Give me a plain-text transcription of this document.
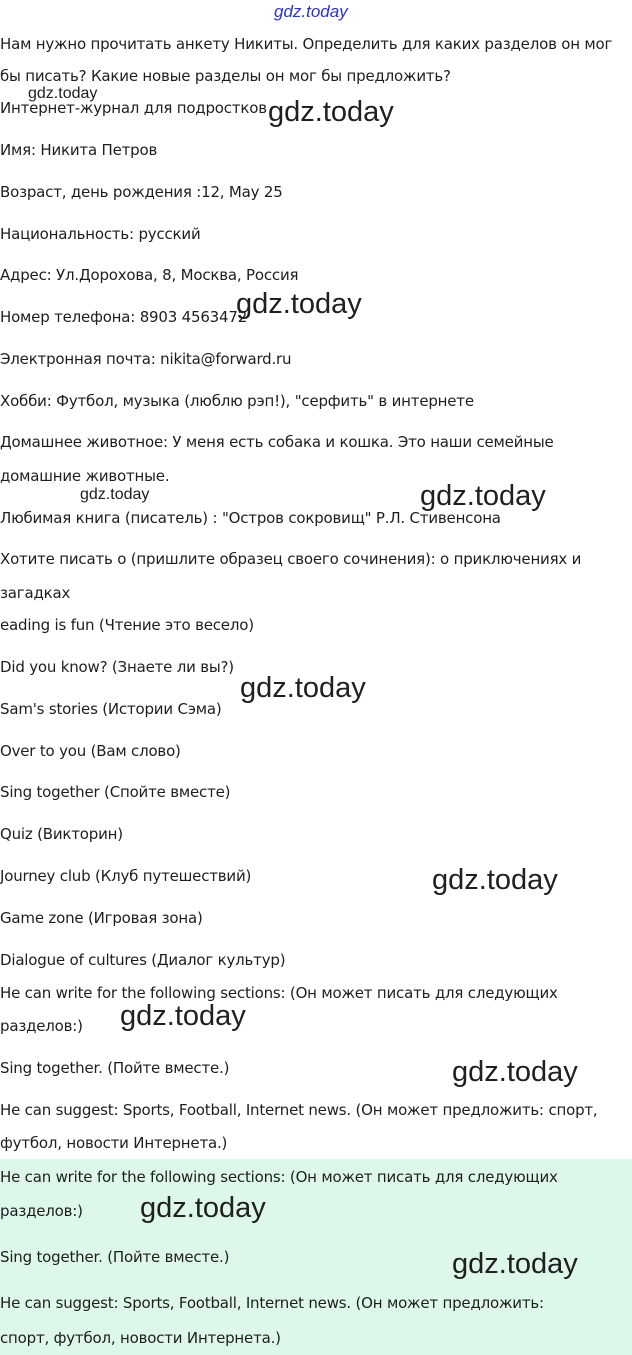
gdz.today
gdz.today
gdz.today
gdz.today
gdz.today	gdz.today
gdz.today
gdz.today
gdz.today
gdz.today
gdz.today
gdz.today
Нам нужно прочитать анкету Никиты. Определить для каких разделов он мог
бы писать? Какие новые разделы он мог бы предложить?
Интернет-журнал для подростков
Имя: Никита Петров
Возраст, день рождения :12, May 25
Национальность: русский
Адрес: Ул.Дорохова, 8, Москва, Россия
Номер телефона: 8903 4563472
Электронная почта: nikita@forward.ru
Хобби: Футбол, музыка (люблю рэп!), "серфить" в интернете
Домашнее животное: У меня есть собака и кошка. Это наши семейные
домашние животные.
Любимая книга (писатель) : "Остров сокровищ" Р.Л. Стивенсона
Хотите писать о (пришлите образец своего сочинения): о приключениях и
загадках
eading is fun (Чтение это весело)
Did you know? (Знаете ли вы?)
Sam's stories (Истории Сэма)
Over to you (Вам слово)
Sing together (Спойте вместе)
Quiz (Викторин)
Journey club (Клуб путешествий)
Game zone (Игровая зона)
Dialogue of cultures (Диалог культур)
He can write for the following sections: (Он может писать для следующих
разделов:)
Sing together. (Пойте вместе.)
He can suggest: Sports, Football, Internet news. (Он может предложить: спорт,
футбол, новости Интернета.)
He can write for the following sections: (Он может писать для следующих
разделов:)
Sing together. (Пойте вместе.)
He can suggest: Sports, Football, Internet news. (Он может предложить:
спорт, футбол, новости Интернета.)
